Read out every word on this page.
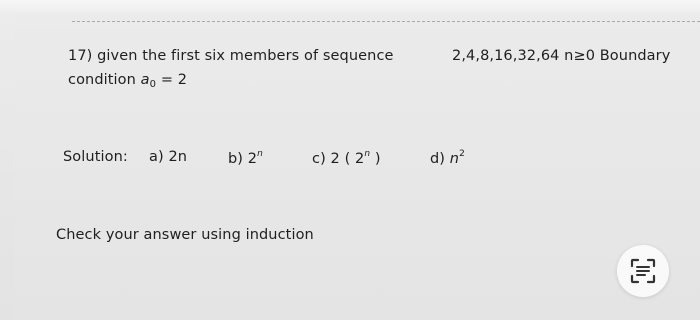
17) given the first six members of sequence	2,4,8,16,32,64 n≥0 Boundary
condition $a_0 = 2$
Solution: a) 2n	b) 2$^n$	c) 2 ( 2$^n$ )	d) $n^2$
Check your answer using induction
